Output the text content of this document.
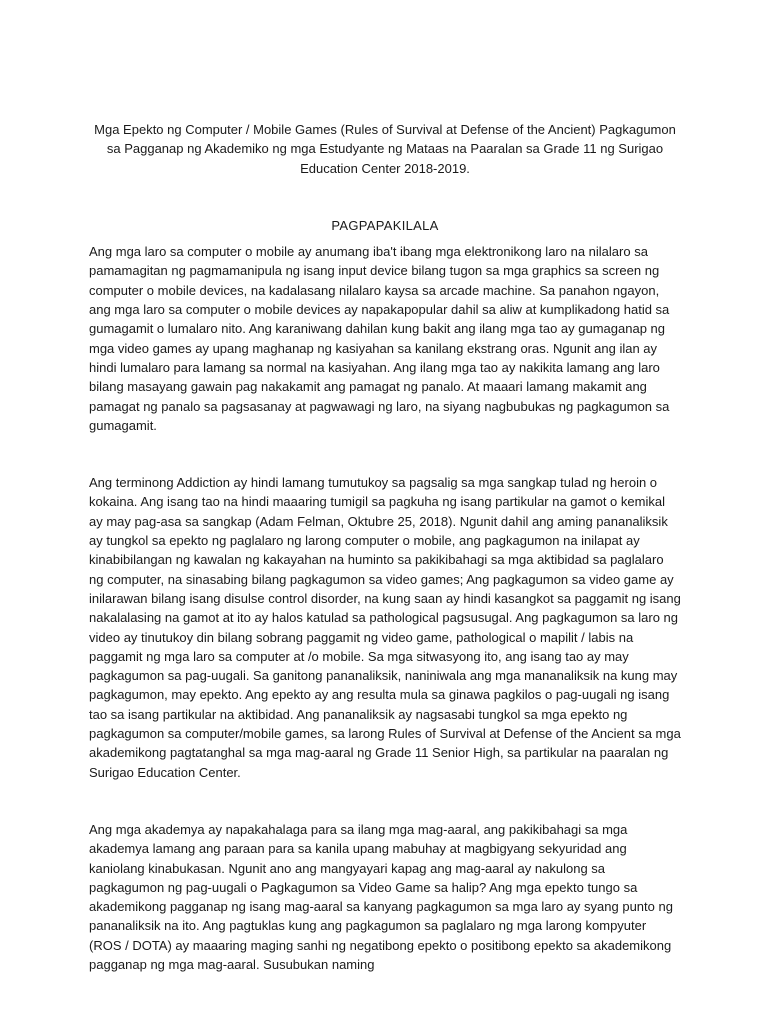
Mga Epekto ng Computer / Mobile Games (Rules of Survival at Defense of the Ancient) Pagkagumon sa Pagganap ng Akademiko ng mga Estudyante ng Mataas na Paaralan sa Grade 11 ng Surigao Education Center 2018-2019.

PAGPAPAKILALA

Ang mga laro sa computer o mobile ay anumang iba't ibang mga elektronikong laro na nilalaro sa pamamagitan ng pagmamanipula ng isang input device bilang tugon sa mga graphics sa screen ng computer o mobile devices, na kadalasang nilalaro kaysa sa arcade machine. Sa panahon ngayon, ang mga laro sa computer o mobile devices ay napakapopular dahil sa aliw at kumplikadong hatid sa gumagamit o lumalaro nito. Ang karaniwang dahilan kung bakit ang ilang mga tao ay gumaganap ng mga video games ay upang maghanap ng kasiyahan sa kanilang ekstrang oras. Ngunit ang ilan ay hindi lumalaro para lamang sa normal na kasiyahan. Ang ilang mga tao ay nakikita lamang ang laro bilang masayang gawain pag nakakamit ang pamagat ng panalo. At maaari lamang makamit ang pamagat ng panalo sa pagsasanay at pagwawagi ng laro, na siyang nagbubukas ng pagkagumon sa gumagamit.

Ang terminong Addiction ay hindi lamang tumutukoy sa pagsalig sa mga sangkap tulad ng heroin o kokaina. Ang isang tao na hindi maaaring tumigil sa pagkuha ng isang partikular na gamot o kemikal ay may pag-asa sa sangkap (Adam Felman, Oktubre 25, 2018). Ngunit dahil ang aming pananaliksik ay tungkol sa epekto ng paglalaro ng larong computer o mobile, ang pagkagumon na inilapat ay kinabibilangan ng kawalan ng kakayahan na huminto sa pakikibahagi sa mga aktibidad sa paglalaro ng computer, na sinasabing bilang pagkagumon sa video games; Ang pagkagumon sa video game ay inilarawan bilang isang disulse control disorder, na kung saan ay hindi kasangkot sa paggamit ng isang nakalalasing na gamot at ito ay halos katulad sa pathological pagsusugal. Ang pagkagumon sa laro ng video ay tinutukoy din bilang sobrang paggamit ng video game, pathological o mapilit / labis na paggamit ng mga laro sa computer at /o mobile. Sa mga sitwasyong ito, ang isang tao ay may pagkagumon sa pag-uugali. Sa ganitong pananaliksik, naniniwala ang mga mananaliksik na kung may pagkagumon, may epekto. Ang epekto ay ang resulta mula sa ginawa pagkilos o pag-uugali ng isang tao sa isang partikular na aktibidad. Ang pananaliksik ay nagsasabi tungkol sa mga epekto ng pagkagumon sa computer/mobile games, sa larong Rules of Survival at Defense of the Ancient sa mga akademikong pagtatanghal sa mga mag-aaral ng Grade 11 Senior High, sa partikular na paaralan ng Surigao Education Center.

Ang mga akademya ay napakahalaga para sa ilang mga mag-aaral, ang pakikibahagi sa mga akademya lamang ang paraan para sa kanila upang mabuhay at magbigyang sekyuridad ang kaniolang kinabukasan. Ngunit ano ang mangyayari kapag ang mag-aaral ay nakulong sa pagkagumon ng pag-uugali o Pagkagumon sa Video Game sa halip? Ang mga epekto tungo sa akademikong pagganap ng isang mag-aaral sa kanyang pagkagumon sa mga laro ay syang punto ng pananaliksik na ito. Ang pagtuklas kung ang pagkagumon sa paglalaro ng mga larong kompyuter (ROS / DOTA) ay maaaring maging sanhi ng negatibong epekto o positibong epekto sa akademikong pagganap ng mga mag-aaral. Susubukan naming
